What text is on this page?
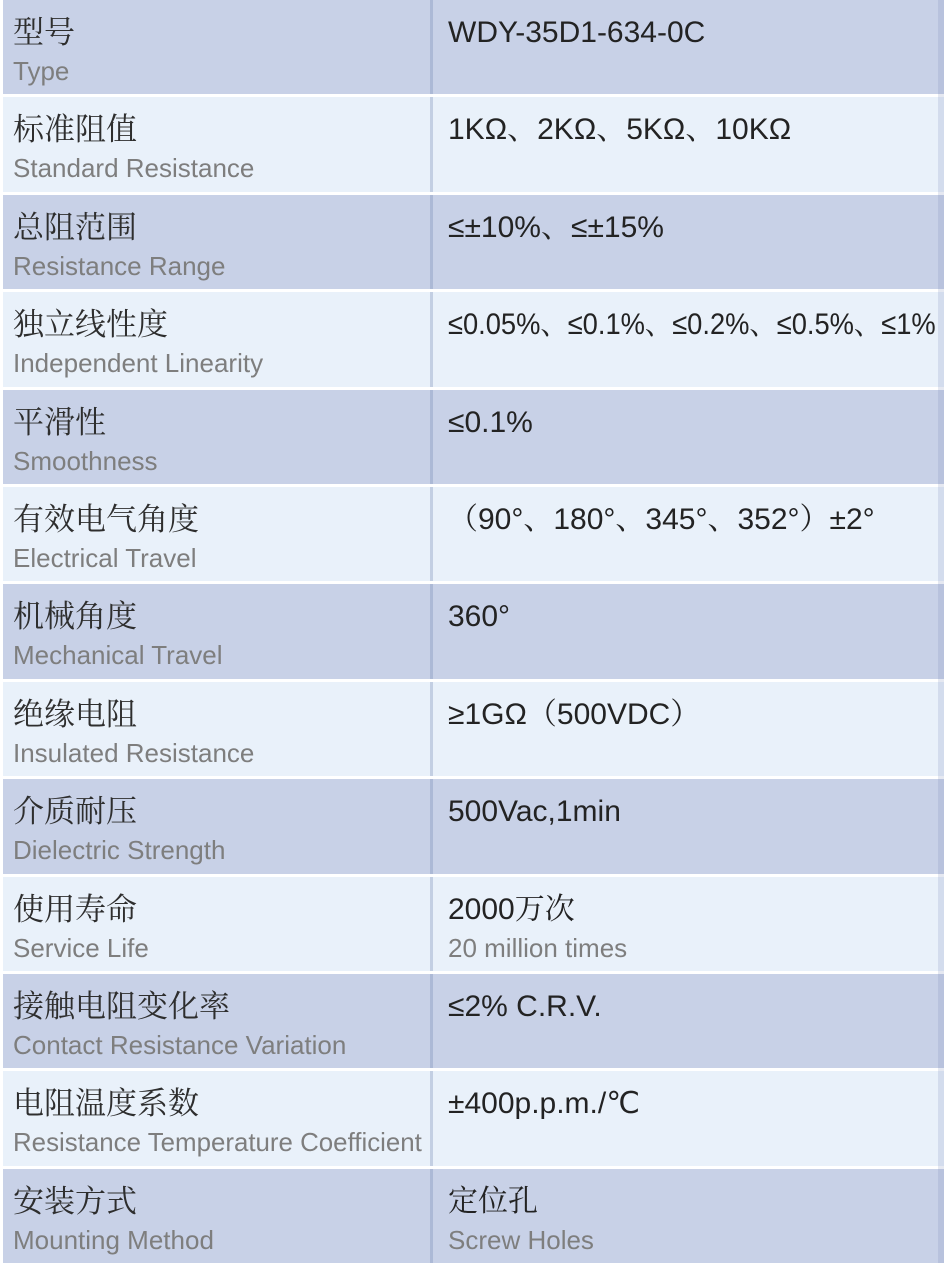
型号
Type
WDY-35D1-634-0C
标准阻值
Standard Resistance
1KΩ、2KΩ、5KΩ、10KΩ
总阻范围
Resistance Range
≤±10%、≤±15%
独立线性度
Independent Linearity
≤0.05%、≤0.1%、≤0.2%、≤0.5%、≤1%
平滑性
Smoothness
≤0.1%
有效电气角度
Electrical Travel
（90°、180°、345°、352°）±2°
机械角度
Mechanical Travel
360°
绝缘电阻
Insulated Resistance
≥1GΩ（500VDC）
介质耐压
Dielectric Strength
500Vac,1min
使用寿命
Service Life
2000万次
20 million times
接触电阻变化率
Contact Resistance Variation
≤2% C.R.V.
电阻温度系数
Resistance Temperature Coefficient
±400p.p.m./℃
安装方式
Mounting Method
定位孔
Screw Holes
